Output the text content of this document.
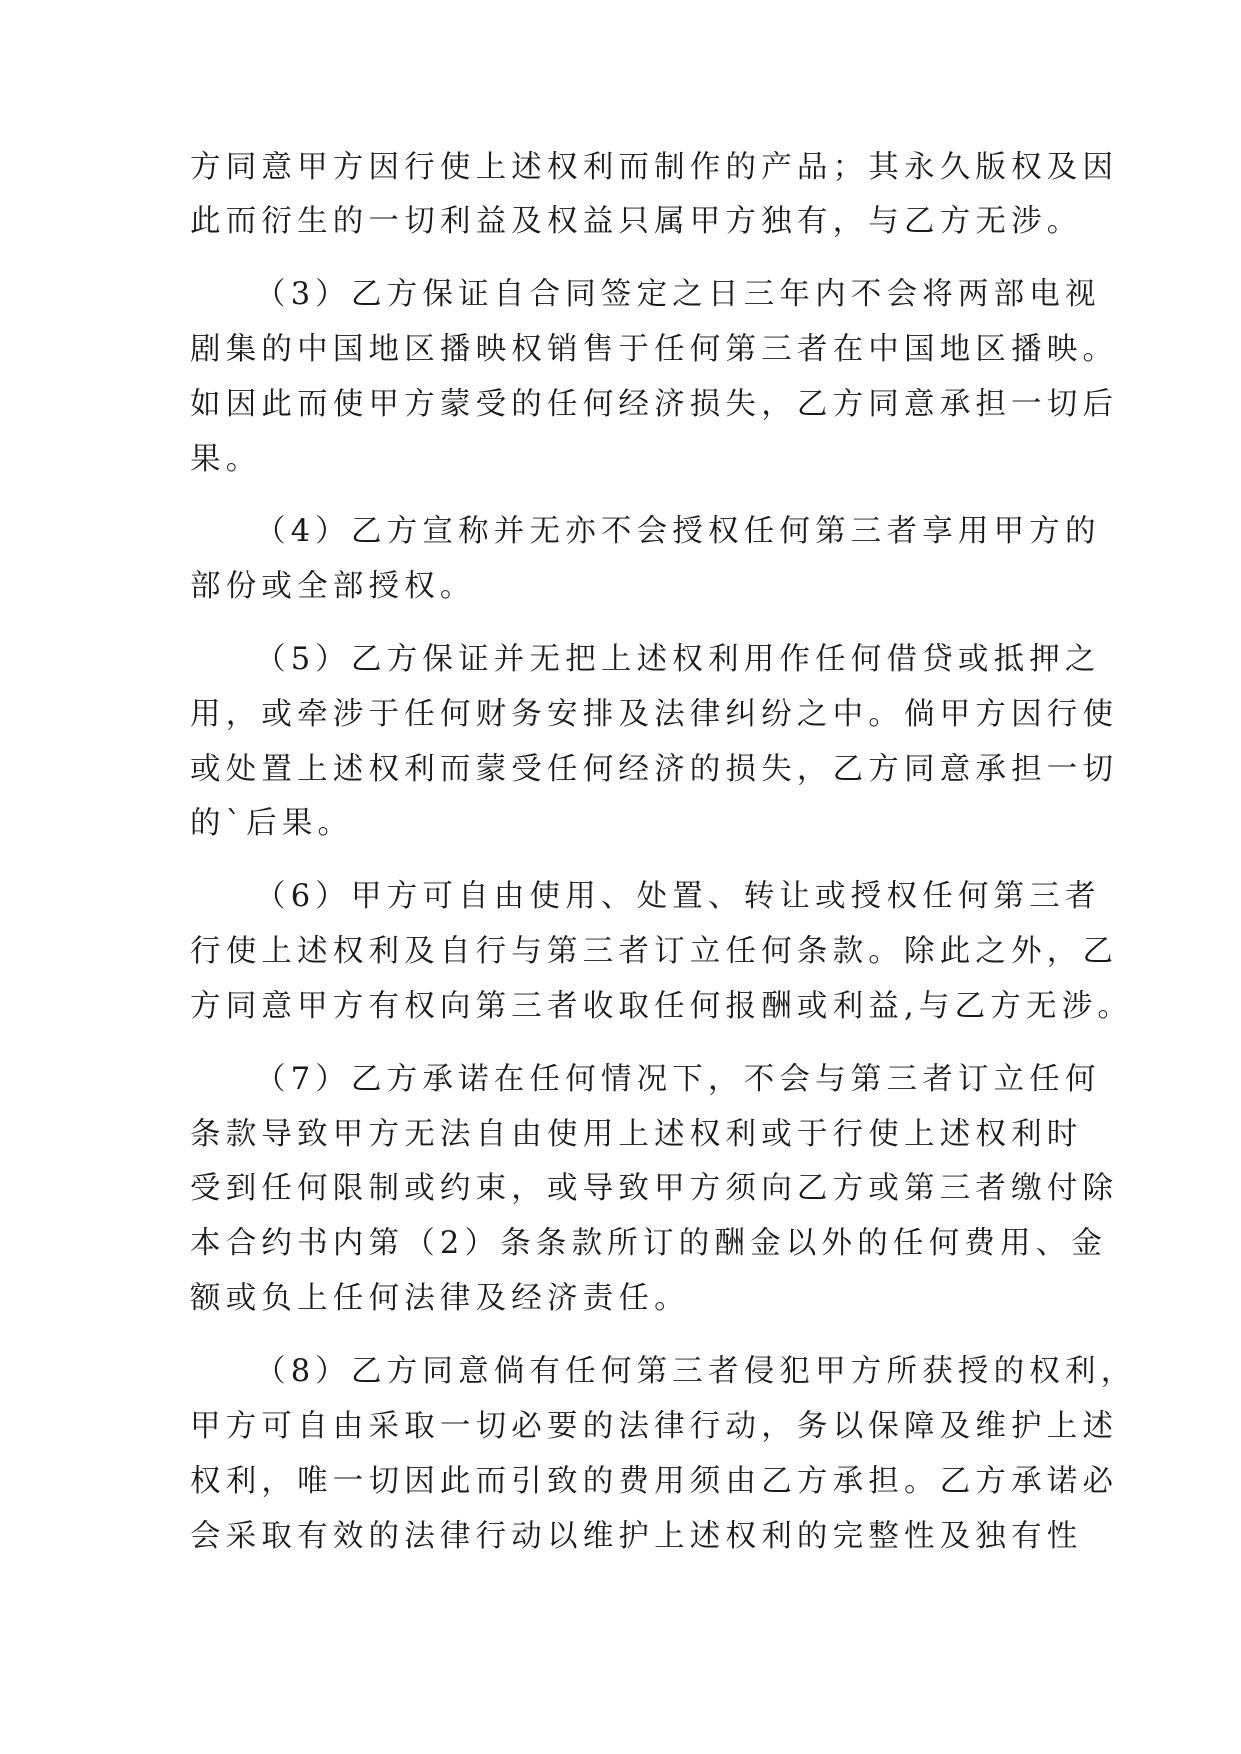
方同意甲方因行使上述权利而制作的产品；其永久版权及因
此而衍生的一切利益及权益只属甲方独有，与乙方无涉。
（3）乙方保证自合同签定之日三年内不会将两部电视
剧集的中国地区播映权销售于任何第三者在中国地区播映。
如因此而使甲方蒙受的任何经济损失，乙方同意承担一切后
果。
（4）乙方宣称并无亦不会授权任何第三者享用甲方的
部份或全部授权。
（5）乙方保证并无把上述权利用作任何借贷或抵押之
用，或牵涉于任何财务安排及法律纠纷之中。倘甲方因行使
或处置上述权利而蒙受任何经济的损失，乙方同意承担一切
的`后果。
（6）甲方可自由使用、处置、转让或授权任何第三者
行使上述权利及自行与第三者订立任何条款。除此之外，乙
方同意甲方有权向第三者收取任何报酬或利益,与乙方无涉。
（7）乙方承诺在任何情况下，不会与第三者订立任何
条款导致甲方无法自由使用上述权利或于行使上述权利时
受到任何限制或约束，或导致甲方须向乙方或第三者缴付除
本合约书内第（2）条条款所订的酬金以外的任何费用、金
额或负上任何法律及经济责任。
（8）乙方同意倘有任何第三者侵犯甲方所获授的权利，
甲方可自由采取一切必要的法律行动，务以保障及维护上述
权利，唯一切因此而引致的费用须由乙方承担。乙方承诺必
会采取有效的法律行动以维护上述权利的完整性及独有性
